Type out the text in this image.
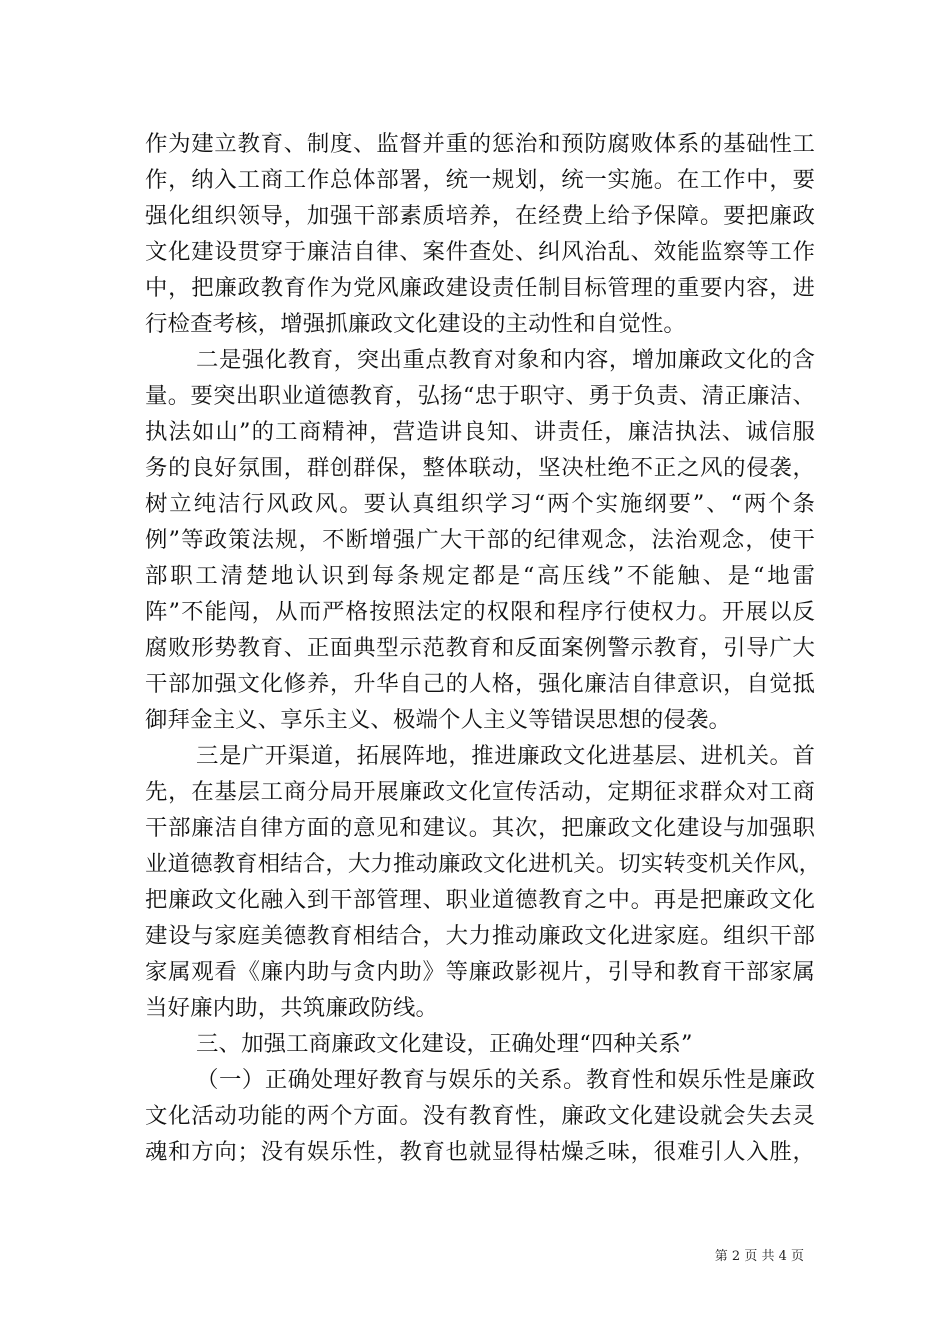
作为建立教育、制度、监督并重的惩治和预防腐败体系的基础性工
作，纳入工商工作总体部署，统一规划，统一实施。在工作中，要
强化组织领导，加强干部素质培养，在经费上给予保障。要把廉政
文化建设贯穿于廉洁自律、案件查处、纠风治乱、效能监察等工作
中，把廉政教育作为党风廉政建设责任制目标管理的重要内容，进
行检查考核，增强抓廉政文化建设的主动性和自觉性。

二是强化教育，突出重点教育对象和内容，增加廉政文化的含
量。要突出职业道德教育，弘扬“忠于职守、勇于负责、清正廉洁、
执法如山”的工商精神，营造讲良知、讲责任，廉洁执法、诚信服
务的良好氛围，群创群保，整体联动，坚决杜绝不正之风的侵袭，
树立纯洁行风政风。要认真组织学习“两个实施纲要”、“两个条
例”等政策法规，不断增强广大干部的纪律观念，法治观念，使干
部职工清楚地认识到每条规定都是“高压线”不能触、是“地雷
阵”不能闯，从而严格按照法定的权限和程序行使权力。开展以反
腐败形势教育、正面典型示范教育和反面案例警示教育，引导广大
干部加强文化修养，升华自己的人格，强化廉洁自律意识，自觉抵
御拜金主义、享乐主义、极端个人主义等错误思想的侵袭。

三是广开渠道，拓展阵地，推进廉政文化进基层、进机关。首
先，在基层工商分局开展廉政文化宣传活动，定期征求群众对工商
干部廉洁自律方面的意见和建议。其次，把廉政文化建设与加强职
业道德教育相结合，大力推动廉政文化进机关。切实转变机关作风，
把廉政文化融入到干部管理、职业道德教育之中。再是把廉政文化
建设与家庭美德教育相结合，大力推动廉政文化进家庭。组织干部
家属观看《廉内助与贪内助》等廉政影视片，引导和教育干部家属
当好廉内助，共筑廉政防线。

三、加强工商廉政文化建设，正确处理“四种关系”

（一）正确处理好教育与娱乐的关系。教育性和娱乐性是廉政
文化活动功能的两个方面。没有教育性，廉政文化建设就会失去灵
魂和方向；没有娱乐性，教育也就显得枯燥乏味，很难引人入胜，

第 2 页 共 4 页
